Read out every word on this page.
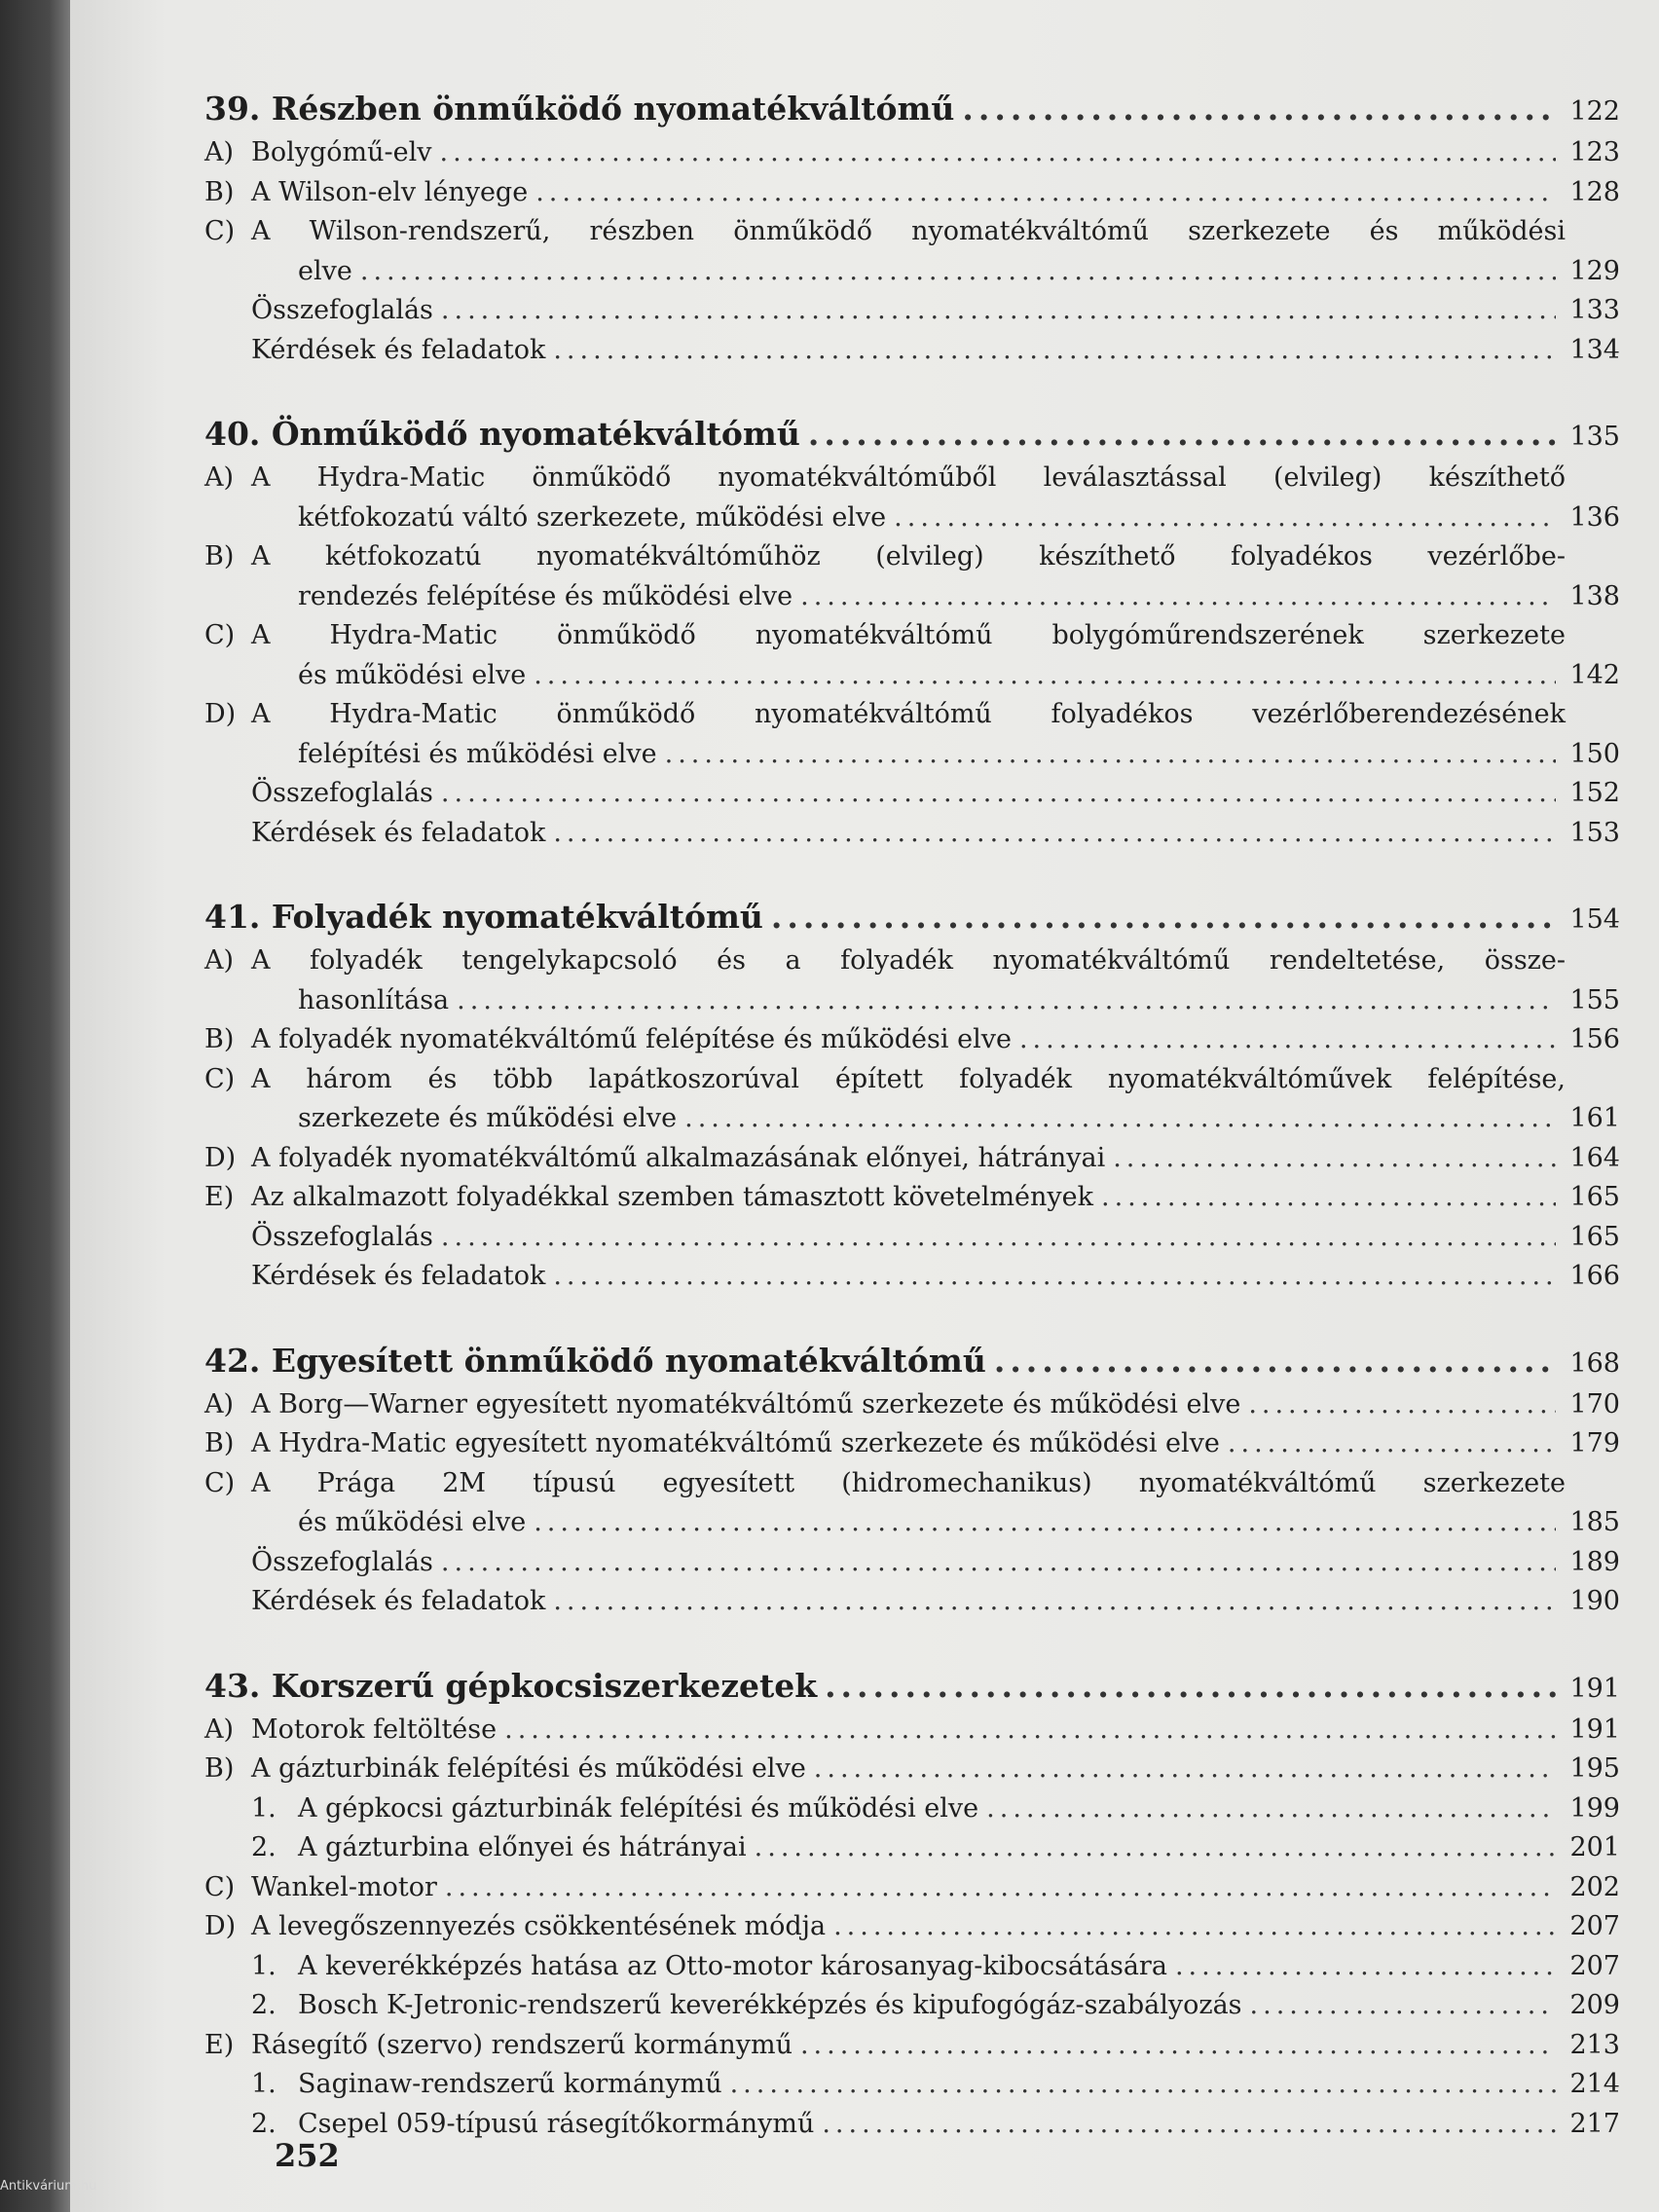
39. Részben önműködő nyomatékváltómű .....	122
A) Bolygómű-elv .....	123
B) A Wilson-elv lényege .....	128
C) A Wilson-rendszerű, részben önműködő nyomatékváltómű szerkezete és működési
elve .....	129
Összefoglalás .....	133
Kérdések és feladatok .....	134
40. Önműködő nyomatékváltómű .....	135
A) A Hydra-Matic önműködő nyomatékváltóműből leválasztással (elvileg) készíthető
kétfokozatú váltó szerkezete, működési elve .....	136
B) A kétfokozatú nyomatékváltóműhöz (elvileg) készíthető folyadékos vezérlőbe-
rendezés felépítése és működési elve .....	138
C) A Hydra-Matic önműködő nyomatékváltómű bolygóműrendszerének szerkezete
és működési elve .....	142
D) A Hydra-Matic önműködő nyomatékváltómű folyadékos vezérlőberendezésének
felépítési és működési elve .....	150
Összefoglalás .....	152
Kérdések és feladatok .....	153
41. Folyadék nyomatékváltómű .....	154
A) A folyadék tengelykapcsoló és a folyadék nyomatékváltómű rendeltetése, össze-
hasonlítása .....	155
B) A folyadék nyomatékváltómű felépítése és működési elve .....	156
C) A három és több lapátkoszorúval épített folyadék nyomatékváltóművek felépítése,
szerkezete és működési elve .....	161
D) A folyadék nyomatékváltómű alkalmazásának előnyei, hátrányai .....	164
E) Az alkalmazott folyadékkal szemben támasztott követelmények .....	165
Összefoglalás .....	165
Kérdések és feladatok .....	166
42. Egyesített önműködő nyomatékváltómű .....	168
A) A Borg—Warner egyesített nyomatékváltómű szerkezete és működési elve .....	170
B) A Hydra-Matic egyesített nyomatékváltómű szerkezete és működési elve .....	179
C) A Prága 2M típusú egyesített (hidromechanikus) nyomatékváltómű szerkezete
és működési elve .....	185
Összefoglalás .....	189
Kérdések és feladatok .....	190
43. Korszerű gépkocsiszerkezetek .....	191
A) Motorok feltöltése .....	191
B) A gázturbinák felépítési és működési elve .....	195
1. A gépkocsi gázturbinák felépítési és működési elve .....	199
2. A gázturbina előnyei és hátrányai .....	201
C) Wankel-motor .....	202
D) A levegőszennyezés csökkentésének módja .....	207
1. A keverékképzés hatása az Otto-motor károsanyag-kibocsátására .....	207
2. Bosch K-Jetronic-rendszerű keverékképzés és kipufogógáz-szabályozás .....	209
E) Rásegítő (szervo) rendszerű kormánymű .....	213
1. Saginaw-rendszerű kormánymű .....	214
2. Csepel 059-típusú rásegítőkormánymű .....	217
252
Antikvárium.hu
